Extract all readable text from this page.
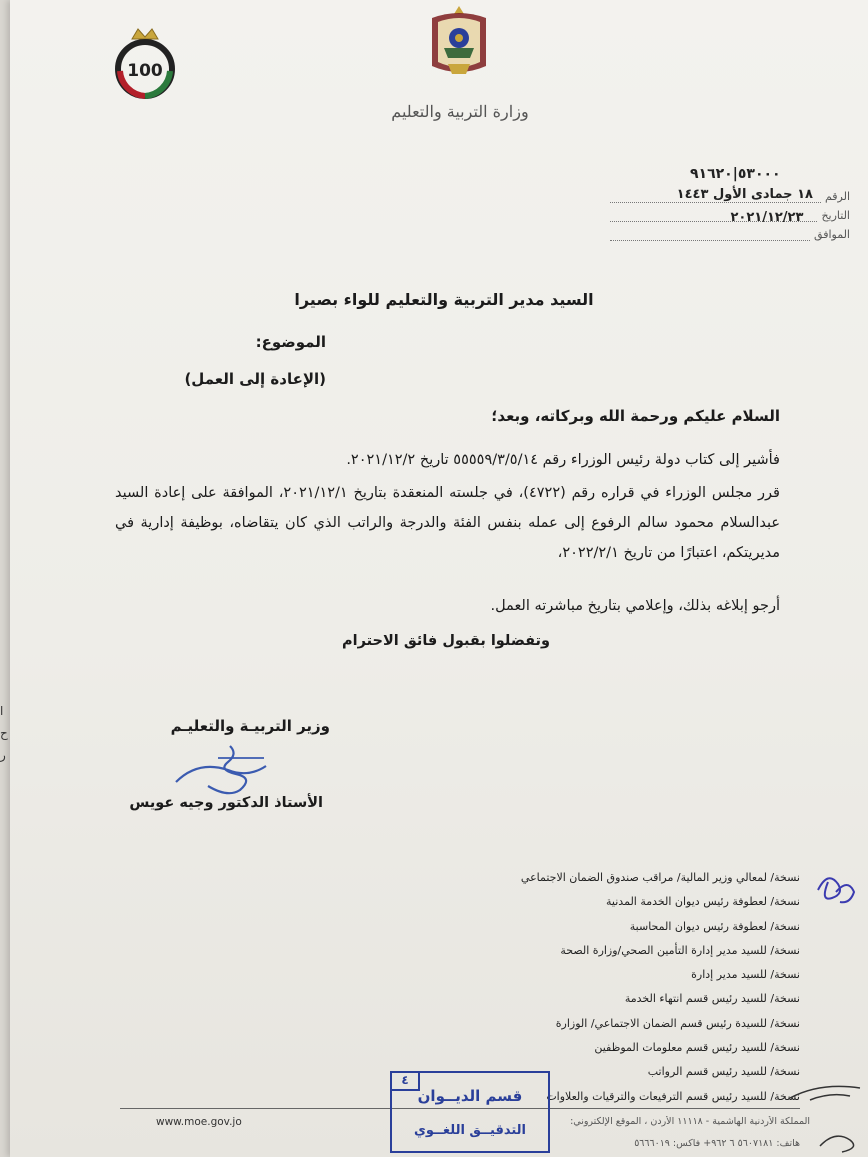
100
وزارة التربية والتعليم
٥٣٠٠٠|٩١٦٢٠
الرقم
١٨ جمادى الأول ١٤٤٣
التاريخ
٢٠٢١/١٢/٢٣
الموافق
السيد مدير التربية والتعليم للواء بصيرا
الموضوع:
(الإعادة إلى العمل)
السلام عليكم ورحمة الله وبركاته، وبعد؛
فأشير إلى كتاب دولة رئيس الوزراء رقم ٥٥٥٥٩/٣/٥/١٤ تاريخ ٢٠٢١/١٢/٢.
قرر مجلس الوزراء في قراره رقم (٤٧٢٢)، في جلسته المنعقدة بتاريخ ٢٠٢١/١٢/١، الموافقة على إعادة السيد عبدالسلام محمود سالم الرفوع إلى عمله بنفس الفئة والدرجة والراتب الذي كان يتقاضاه، بوظيفة إدارية في مديريتكم، اعتبارًا من تاريخ ٢٠٢٢/٢/١،
أرجو إبلاغه بذلك، وإعلامي بتاريخ مباشرته العمل.
وتفضلوا بقبول فائق الاحترام
وزير التربيـة والتعليـم
الأستاذ الدكتور وجيه عويس
نسخة/ لمعالي وزير المالية/ مراقب صندوق الضمان الاجتماعي
نسخة/ لعطوفة رئيس ديوان الخدمة المدنية
نسخة/ لعطوفة رئيس ديوان المحاسبة
نسخة/ للسيد مدير إدارة التأمين الصحي/وزارة الصحة
نسخة/ للسيد مدير إدارة
نسخة/ للسيد رئيس قسم انتهاء الخدمة
نسخة/ للسيدة رئيس قسم الضمان الاجتماعي/ الوزارة
نسخة/ للسيد رئيس قسم معلومات الموظفين
نسخة/ للسيد رئيس قسم الرواتب
نسخة/ للسيد رئيس قسم الترفيعات والترقيات والعلاوات
www.moe.gov.jo	المملكة الأردنية الهاشمية - ١١١١٨ الأردن ، الموقع الإلكتروني:
هاتف: ٥٦٠٧١٨١ ٦ ٩٦٢+ فاكس: ٥٦٦٦٠١٩
٤
قسم الديــوان
التدقيــق اللغــوي
ا
ح
ر
